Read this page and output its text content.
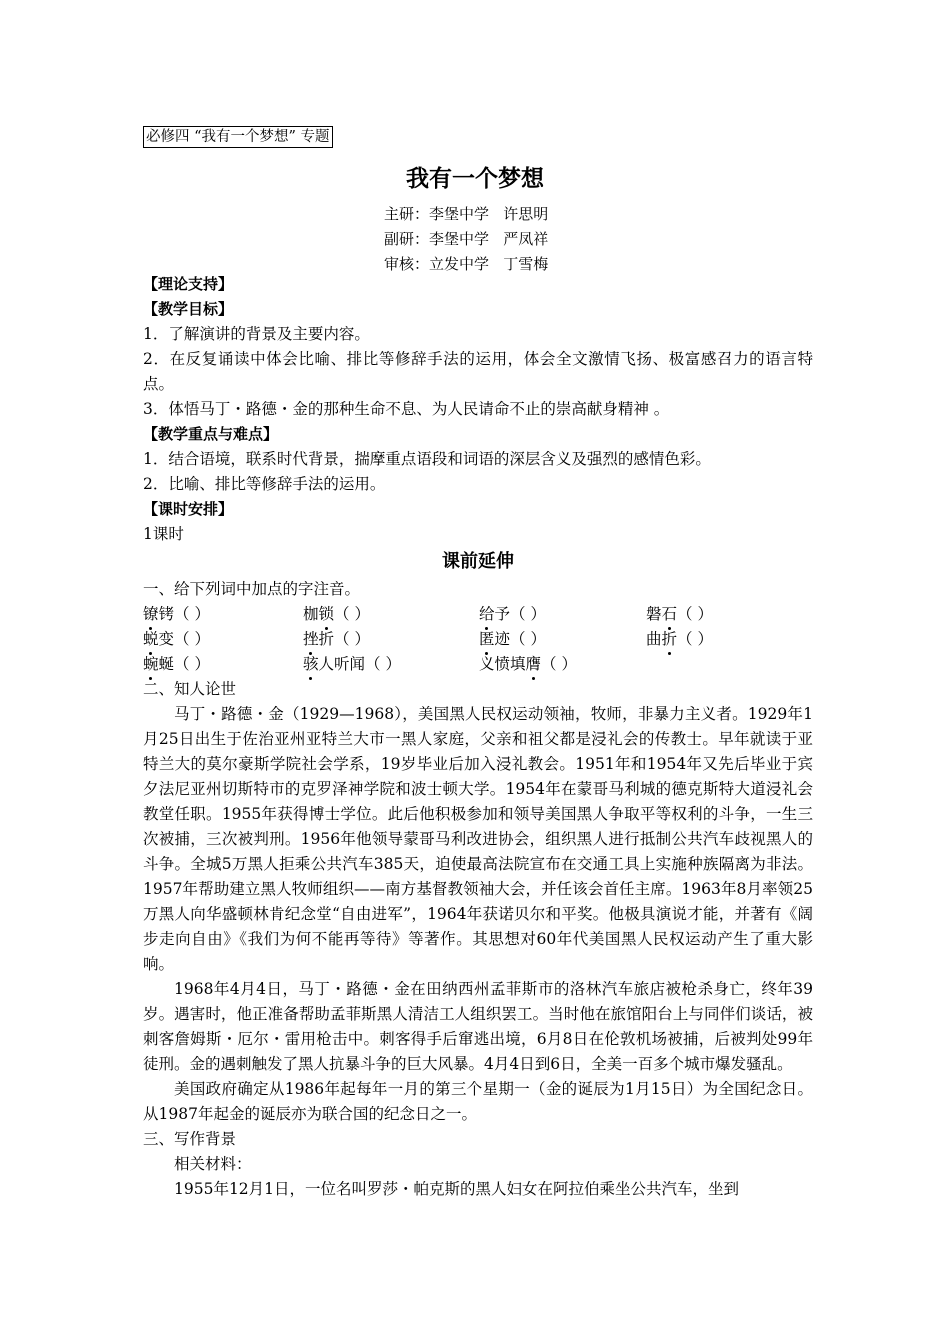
必修四 “我有一个梦想” 专题
我有一个梦想
主研：李堡中学   许思明
副研：李堡中学   严凤祥
审核：立发中学   丁雪梅

【理论支持】

【教学目标】

1．了解演讲的背景及主要内容。

2．在反复诵读中体会比喻、排比等修辞手法的运用，体会全文激情飞扬、极富感召力的语言特点。

3．体悟马丁・路德・金的那种生命不息、为人民请命不止的崇高献身精神 。

【教学重点与难点】

1．结合语境，联系时代背景，揣摩重点语段和词语的深层含义及强烈的感情色彩。

2．比喻、排比等修辞手法的运用。

【课时安排】

1课时

课前延伸

一、给下列词中加点的字注音。

镣铐（ ）	枷锁（ ）	给予（ ）	磐石（ ）
蜕变（ ）	挫折（ ）	匿迹（ ）	曲折（ ）
蜿蜒（ ）	骇人听闻（ ）	义愤填膺（ ）

二、知人论世

马丁・路德・金（1929—1968），美国黑人民权运动领袖，牧师，非暴力主义者。1929年1月25日出生于佐治亚州亚特兰大市一黑人家庭，父亲和祖父都是浸礼会的传教士。早年就读于亚特兰大的莫尔豪斯学院社会学系，19岁毕业后加入浸礼教会。1951年和1954年又先后毕业于宾夕法尼亚州切斯特市的克罗泽神学院和波士顿大学。1954年在蒙哥马利城的德克斯特大道浸礼会教堂任职。1955年获得博士学位。此后他积极参加和领导美国黑人争取平等权利的斗争，一生三次被捕，三次被判刑。1956年他领导蒙哥马利改进协会，组织黑人进行抵制公共汽车歧视黑人的斗争。全城5万黑人拒乘公共汽车385天，迫使最高法院宣布在交通工具上实施种族隔离为非法。1957年帮助建立黑人牧师组织——南方基督教领袖大会，并任该会首任主席。1963年8月率领25万黑人向华盛顿林肯纪念堂“自由进军”，1964年获诺贝尔和平奖。他极具演说才能，并著有《阔步走向自由》《我们为何不能再等待》等著作。其思想对60年代美国黑人民权运动产生了重大影响。

1968年4月4日，马丁・路德・金在田纳西州孟菲斯市的洛林汽车旅店被枪杀身亡，终年39岁。遇害时，他正准备帮助孟菲斯黑人清洁工人组织罢工。当时他在旅馆阳台上与同伴们谈话，被刺客詹姆斯・厄尔・雷用枪击中。刺客得手后窜逃出境，6月8日在伦敦机场被捕，后被判处99年徒刑。金的遇刺触发了黑人抗暴斗争的巨大风暴。4月4日到6日，全美一百多个城市爆发骚乱。

美国政府确定从1986年起每年一月的第三个星期一（金的诞辰为1月15日）为全国纪念日。从1987年起金的诞辰亦为联合国的纪念日之一。

三、写作背景

相关材料：

1955年12月1日，一位名叫罗莎・帕克斯的黑人妇女在阿拉伯乘坐公共汽车，坐到
